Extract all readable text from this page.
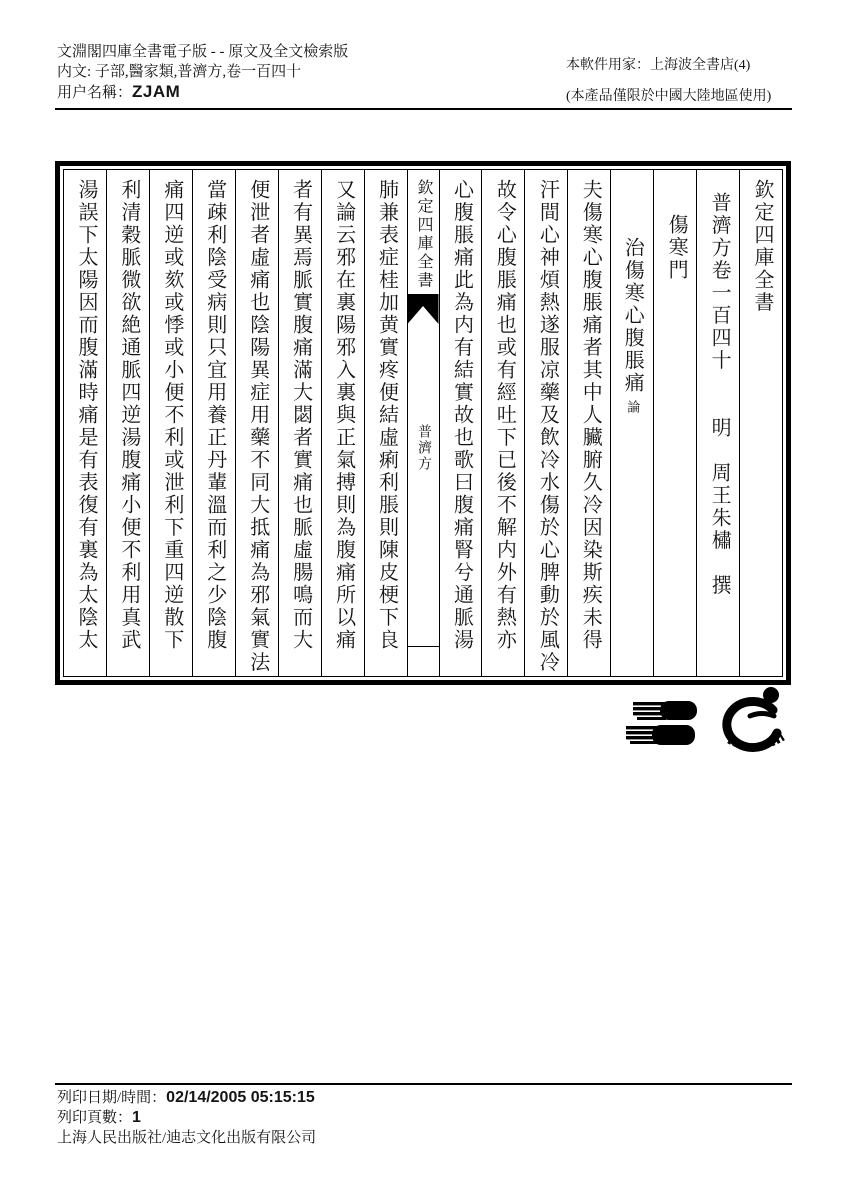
文淵閣四庫全書電子版 - - 原文及全文檢索版
内文: 子部,醫家類,普濟方,卷一百四十
用户名稱：ZJAM
本軟件用家：上海波全書店(4)
(本產品僅限於中國大陸地區使用)
欽定四庫全書
普濟方卷一百四十　　明　周王朱橚　撰
傷寒門
治傷寒心腹脹痛論
夫傷寒心腹脹痛者其中人臟腑久冷因染斯疾未得
汗間心神煩熱遂服凉藥及飲冷水傷於心脾動於風冷
故令心腹脹痛也或有經吐下已後不解内外有熱亦
心腹脹痛此為内有結實故也歌曰腹痛腎兮通脈湯
欽定四庫全書
普濟方
肺兼表症桂加黄實疼便結虛痢利脹則陳皮梗下良
又論云邪在裏陽邪入裏與正氣搏則為腹痛所以痛
者有異焉脈實腹痛滿大閟者實痛也脈虛腸鳴而大
便泄者虛痛也陰陽異症用藥不同大抵痛為邪氣實法
當疎利陰受病則只宜用養正丹輩溫而利之少陰腹
痛四逆或欬或悸或小便不利或泄利下重四逆散下
利清穀脈微欲絶通脈四逆湯腹痛小便不利用真武
湯誤下太陽因而腹滿時痛是有表復有裏為太陰太
列印日期/時間：02/14/2005 05:15:15
列印頁數：1
上海人民出版社/迪志文化出版有限公司
